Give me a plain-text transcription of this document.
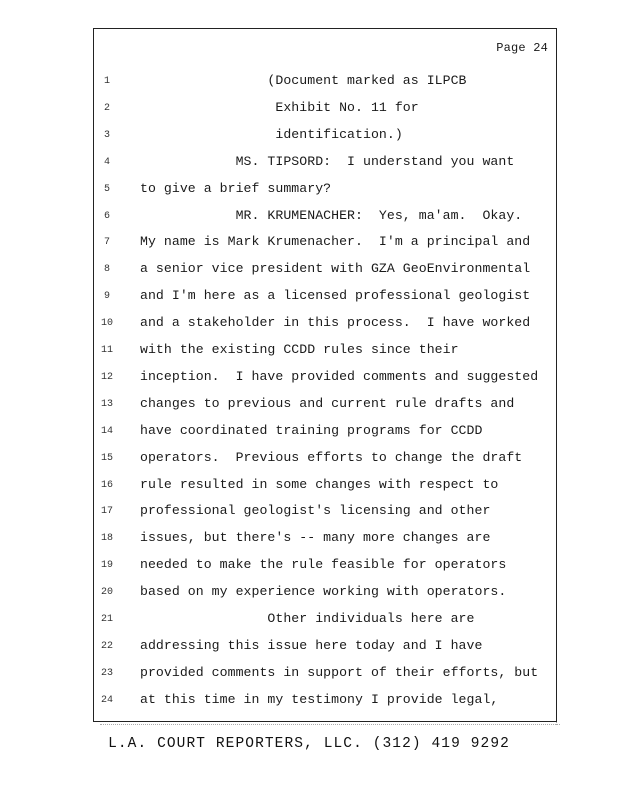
Page 24
1	(Document marked as ILPCB
2	Exhibit No. 11 for
3	identification.)
4	MS. TIPSORD:  I understand you want
5	to give a brief summary?
6	MR. KRUMENACHER:  Yes, ma'am.  Okay.
7	My name is Mark Krumenacher.  I'm a principal and
8	a senior vice president with GZA GeoEnvironmental
9	and I'm here as a licensed professional geologist
10	and a stakeholder in this process.  I have worked
11	with the existing CCDD rules since their
12	inception.  I have provided comments and suggested
13	changes to previous and current rule drafts and
14	have coordinated training programs for CCDD
15	operators.  Previous efforts to change the draft
16	rule resulted in some changes with respect to
17	professional geologist's licensing and other
18	issues, but there's -- many more changes are
19	needed to make the rule feasible for operators
20	based on my experience working with operators.
21	Other individuals here are
22	addressing this issue here today and I have
23	provided comments in support of their efforts, but
24	at this time in my testimony I provide legal,
L.A. COURT REPORTERS, LLC. (312) 419 9292
